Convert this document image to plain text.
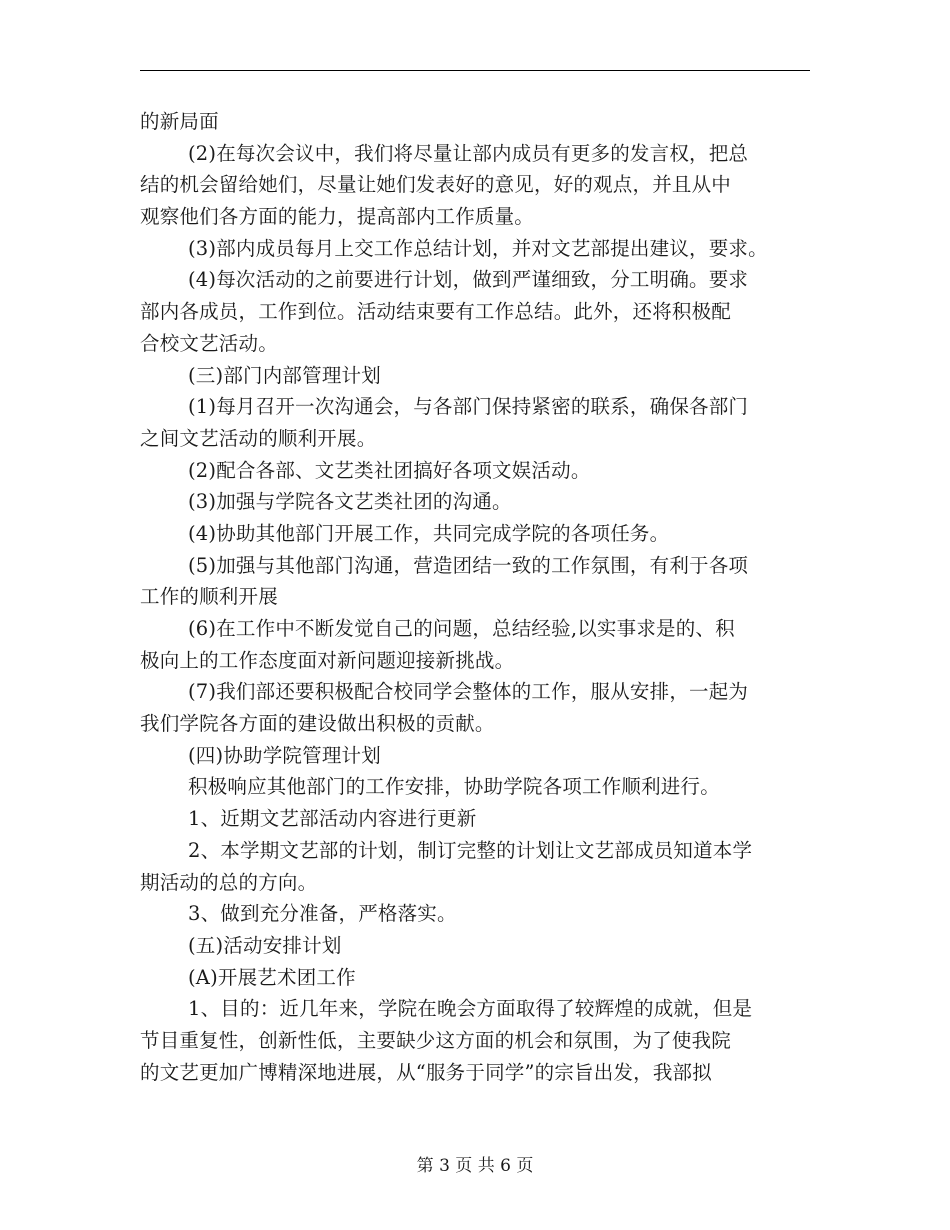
的新局面
(2)在每次会议中，我们将尽量让部内成员有更多的发言权，把总
结的机会留给她们，尽量让她们发表好的意见，好的观点，并且从中
观察他们各方面的能力，提高部内工作质量。
(3)部内成员每月上交工作总结计划，并对文艺部提出建议，要求。
(4)每次活动的之前要进行计划，做到严谨细致，分工明确。要求
部内各成员，工作到位。活动结束要有工作总结。此外，还将积极配
合校文艺活动。
(三)部门内部管理计划
(1)每月召开一次沟通会，与各部门保持紧密的联系，确保各部门
之间文艺活动的顺利开展。
(2)配合各部、文艺类社团搞好各项文娱活动。
(3)加强与学院各文艺类社团的沟通。
(4)协助其他部门开展工作，共同完成学院的各项任务。
(5)加强与其他部门沟通，营造团结一致的工作氛围，有利于各项
工作的顺利开展
(6)在工作中不断发觉自己的问题，总结经验,以实事求是的、积
极向上的工作态度面对新问题迎接新挑战。
(7)我们部还要积极配合校同学会整体的工作，服从安排，一起为
我们学院各方面的建设做出积极的贡献。
(四)协助学院管理计划
积极响应其他部门的工作安排，协助学院各项工作顺利进行。
1、近期文艺部活动内容进行更新
2、本学期文艺部的计划，制订完整的计划让文艺部成员知道本学
期活动的总的方向。
3、做到充分准备，严格落实。
(五)活动安排计划
(A)开展艺术团工作
1、目的：近几年来，学院在晚会方面取得了较辉煌的成就，但是
节目重复性，创新性低，主要缺少这方面的机会和氛围，为了使我院
的文艺更加广博精深地进展，从“服务于同学”的宗旨出发，我部拟
第 3 页 共 6 页
